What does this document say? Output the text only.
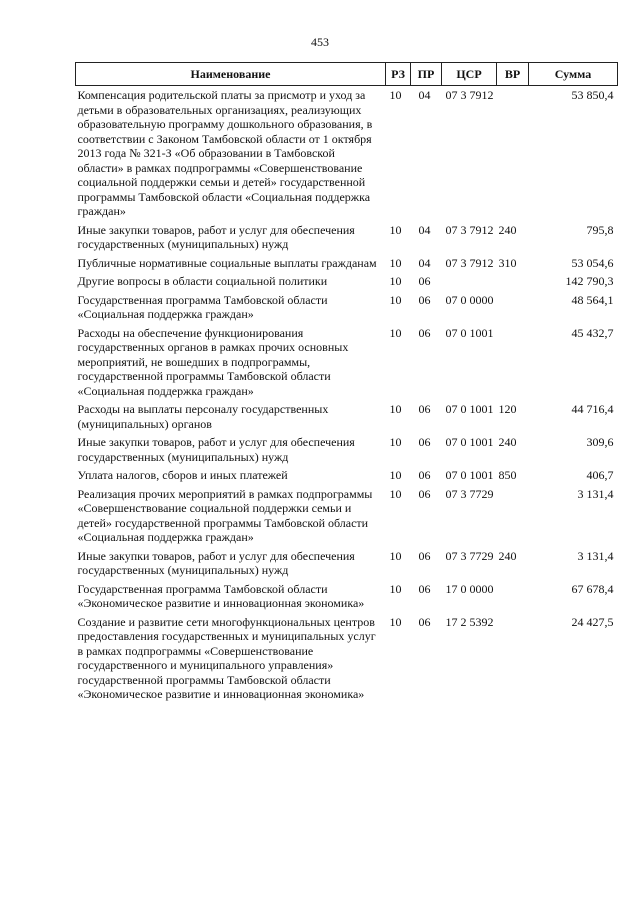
453
Наименование	РЗ	ПР	ЦСР	ВР	Сумма
Компенсация родительской платы за присмотр и уход за детьми в образовательных организациях, реализующих образовательную программу дошкольного образования, в соответствии с Законом Тамбовской области от 1 октября 2013 года № 321-З «Об образовании в Тамбовской области» в рамках подпрограммы «Совершенствование социальной поддержки семьи и детей» государственной программы Тамбовской области «Социальная поддержка граждан»	10	04	07 3 7912		53 850,4
Иные закупки товаров, работ и услуг для обеспечения государственных (муниципальных) нужд	10	04	07 3 7912	240	795,8
Публичные нормативные социальные выплаты гражданам	10	04	07 3 7912	310	53 054,6
Другие вопросы в области социальной политики	10	06			142 790,3
Государственная программа Тамбовской области «Социальная поддержка граждан»	10	06	07 0 0000		48 564,1
Расходы на обеспечение функционирования государственных органов в рамках прочих основных мероприятий, не вошедших в подпрограммы, государственной программы Тамбовской области «Социальная поддержка граждан»	10	06	07 0 1001		45 432,7
Расходы на выплаты персоналу государственных (муниципальных) органов	10	06	07 0 1001	120	44 716,4
Иные закупки товаров, работ и услуг для обеспечения государственных (муниципальных) нужд	10	06	07 0 1001	240	309,6
Уплата налогов, сборов и иных платежей	10	06	07 0 1001	850	406,7
Реализация прочих мероприятий в рамках подпрограммы «Совершенствование социальной поддержки семьи и детей» государственной программы Тамбовской области «Социальная поддержка граждан»	10	06	07 3 7729		3 131,4
Иные закупки товаров, работ и услуг для обеспечения государственных (муниципальных) нужд	10	06	07 3 7729	240	3 131,4
Государственная программа Тамбовской области «Экономическое развитие и инновационная экономика»	10	06	17 0 0000		67 678,4
Создание и развитие сети многофункциональных центров предоставления государственных и муниципальных услуг в рамках подпрограммы «Совершенствование государственного и муниципального управления» государственной программы Тамбовской области «Экономическое развитие и инновационная экономика»	10	06	17 2 5392		24 427,5
